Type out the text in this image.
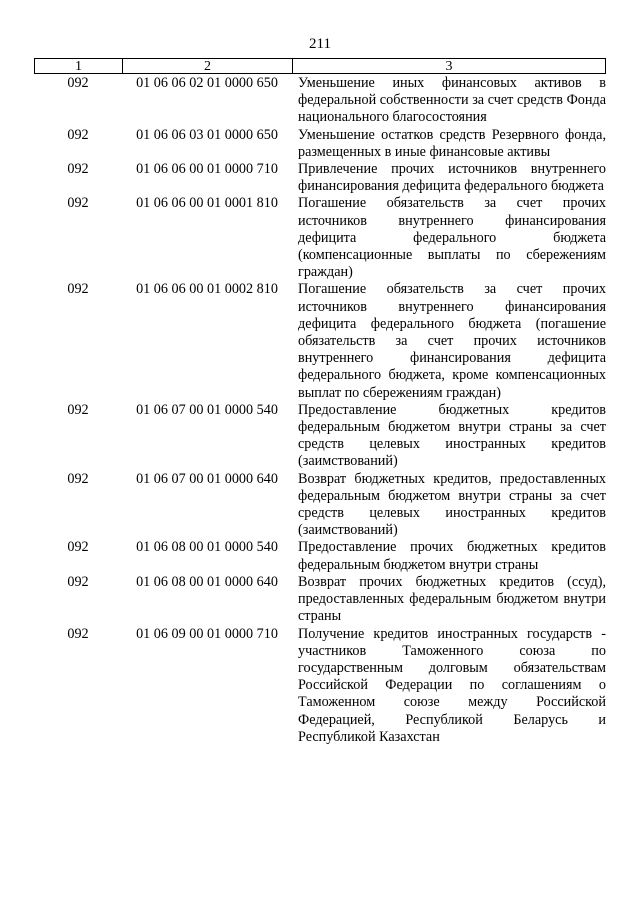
211
1	2	3
092	01 06 06 02 01 0000 650	Уменьшение иных финансовых активов в федеральной собственности за счет средств Фонда национального благосостояния
092	01 06 06 03 01 0000 650	Уменьшение остатков средств Резервного фонда, размещенных в иные финансовые активы
092	01 06 06 00 01 0000 710	Привлечение прочих источников внутреннего финансирования дефицита федерального бюджета
092	01 06 06 00 01 0001 810	Погашение обязательств за счет прочих источников внутреннего финансирования дефицита федерального бюджета (компенсационные выплаты по сбережениям граждан)
092	01 06 06 00 01 0002 810	Погашение обязательств за счет прочих источников внутреннего финансирования дефицита федерального бюджета (погашение обязательств за счет прочих источников внутреннего финансирования дефицита федерального бюджета, кроме компенсационных выплат по сбережениям граждан)
092	01 06 07 00 01 0000 540	Предоставление бюджетных кредитов федеральным бюджетом внутри страны за счет средств целевых иностранных кредитов (заимствований)
092	01 06 07 00 01 0000 640	Возврат бюджетных кредитов, предоставленных федеральным бюджетом внутри страны за счет средств целевых иностранных кредитов (заимствований)
092	01 06 08 00 01 0000 540	Предоставление прочих бюджетных кредитов федеральным бюджетом внутри страны
092	01 06 08 00 01 0000 640	Возврат прочих бюджетных кредитов (ссуд), предоставленных федеральным бюджетом внутри страны
092	01 06 09 00 01 0000 710	Получение кредитов иностранных государств - участников Таможенного союза по государственным долговым обязательствам Российской Федерации по соглашениям о Таможенном союзе между Российской Федерацией, Республикой Беларусь и Республикой Казахстан
